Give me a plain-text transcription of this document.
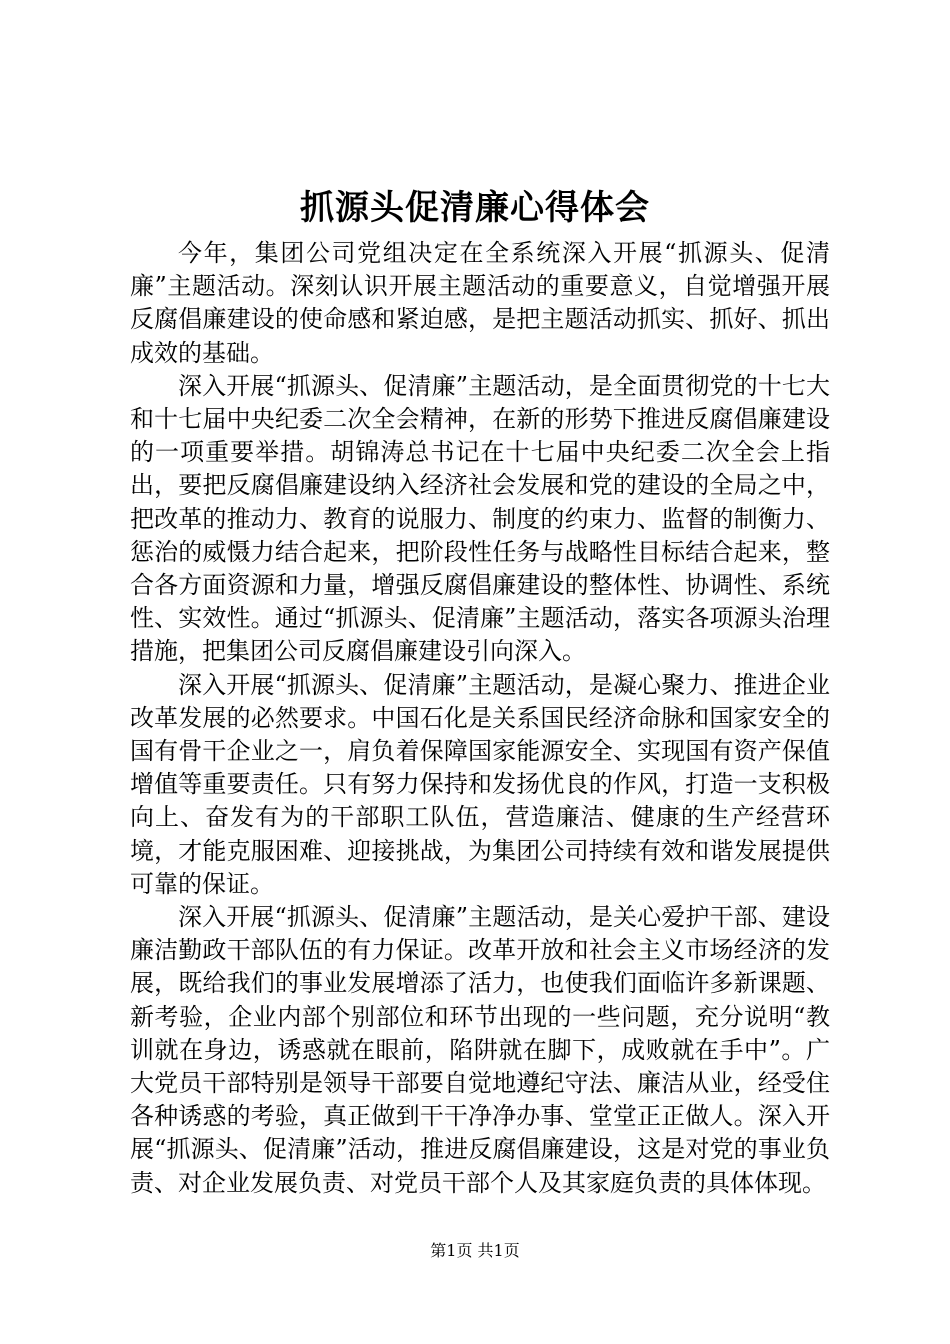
抓源头促清廉心得体会

今年，集团公司党组决定在全系统深入开展“抓源头、促清廉”主题活动。深刻认识开展主题活动的重要意义，自觉增强开展反腐倡廉建设的使命感和紧迫感，是把主题活动抓实、抓好、抓出成效的基础。

深入开展“抓源头、促清廉”主题活动，是全面贯彻党的十七大和十七届中央纪委二次全会精神，在新的形势下推进反腐倡廉建设的一项重要举措。胡锦涛总书记在十七届中央纪委二次全会上指出，要把反腐倡廉建设纳入经济社会发展和党的建设的全局之中，把改革的推动力、教育的说服力、制度的约束力、监督的制衡力、惩治的威慑力结合起来，把阶段性任务与战略性目标结合起来，整合各方面资源和力量，增强反腐倡廉建设的整体性、协调性、系统性、实效性。通过“抓源头、促清廉”主题活动，落实各项源头治理措施，把集团公司反腐倡廉建设引向深入。

深入开展“抓源头、促清廉”主题活动，是凝心聚力、推进企业改革发展的必然要求。中国石化是关系国民经济命脉和国家安全的国有骨干企业之一，肩负着保障国家能源安全、实现国有资产保值增值等重要责任。只有努力保持和发扬优良的作风，打造一支积极向上、奋发有为的干部职工队伍，营造廉洁、健康的生产经营环境，才能克服困难、迎接挑战，为集团公司持续有效和谐发展提供可靠的保证。

深入开展“抓源头、促清廉”主题活动，是关心爱护干部、建设廉洁勤政干部队伍的有力保证。改革开放和社会主义市场经济的发展，既给我们的事业发展增添了活力，也使我们面临许多新课题、新考验，企业内部个别部位和环节出现的一些问题，充分说明“教训就在身边，诱惑就在眼前，陷阱就在脚下，成败就在手中”。广大党员干部特别是领导干部要自觉地遵纪守法、廉洁从业，经受住各种诱惑的考验，真正做到干干净净办事、堂堂正正做人。深入开展“抓源头、促清廉”活动，推进反腐倡廉建设，这是对党的事业负责、对企业发展负责、对党员干部个人及其家庭负责的具体体现。

第1页 共1页
